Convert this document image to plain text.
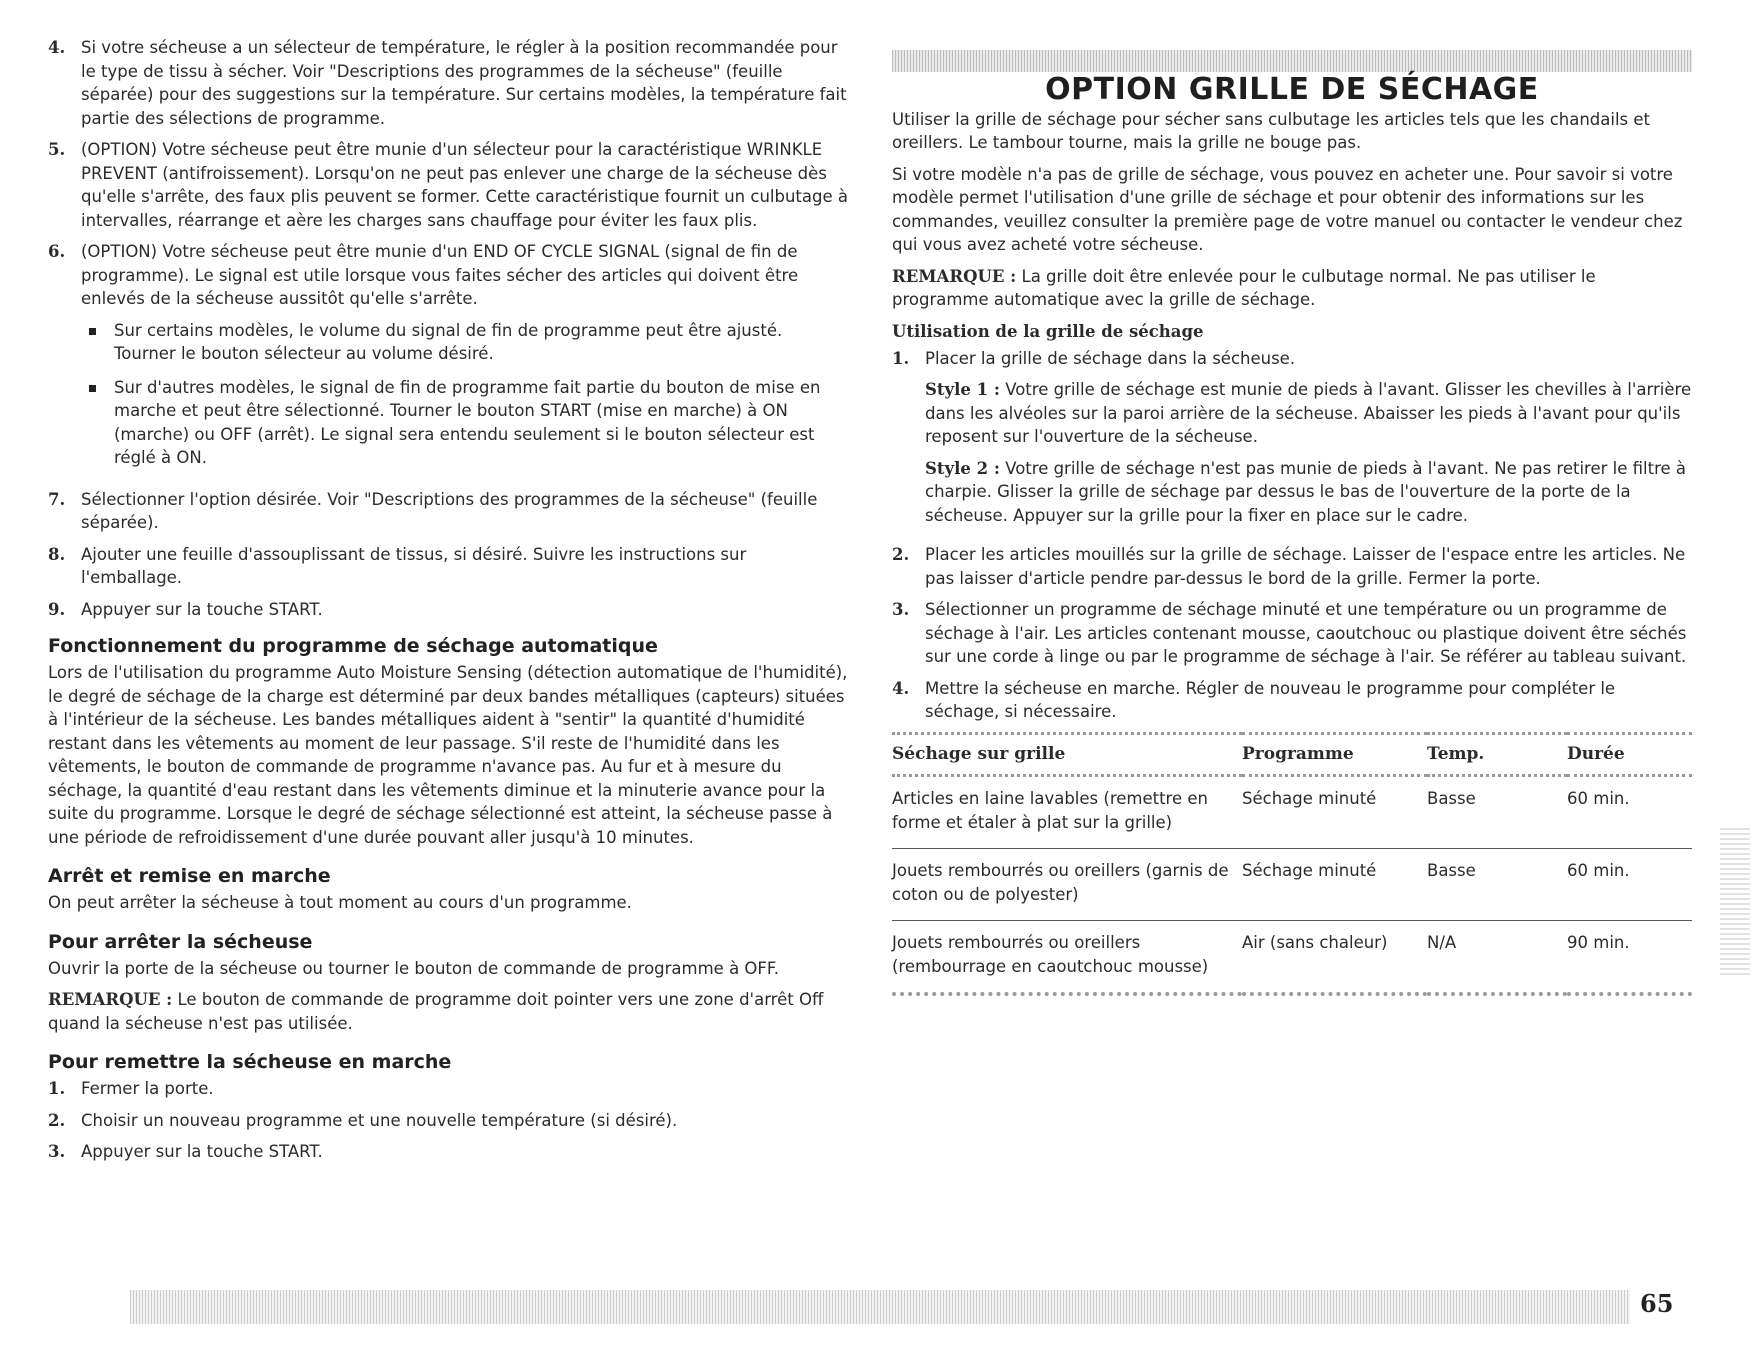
4. Si votre sécheuse a un sélecteur de température, le régler à la position recommandée pour le type de tissu à sécher. Voir "Descriptions des programmes de la sécheuse" (feuille séparée) pour des suggestions sur la température. Sur certains modèles, la température fait partie des sélections de programme.
5. (OPTION) Votre sécheuse peut être munie d'un sélecteur pour la caractéristique WRINKLE PREVENT (antifroissement). Lorsqu'on ne peut pas enlever une charge de la sécheuse dès qu'elle s'arrête, des faux plis peuvent se former. Cette caractéristique fournit un culbutage à intervalles, réarrange et aère les charges sans chauffage pour éviter les faux plis.
6. (OPTION) Votre sécheuse peut être munie d'un END OF CYCLE SIGNAL (signal de fin de programme). Le signal est utile lorsque vous faites sécher des articles qui doivent être enlevés de la sécheuse aussitôt qu'elle s'arrête.

Sur certains modèles, le volume du signal de fin de programme peut être ajusté. Tourner le bouton sélecteur au volume désiré.
Sur d'autres modèles, le signal de fin de programme fait partie du bouton de mise en marche et peut être sélectionné. Tourner le bouton START (mise en marche) à ON (marche) ou OFF (arrêt). Le signal sera entendu seulement si le bouton sélecteur est réglé à ON.
7. Sélectionner l'option désirée. Voir "Descriptions des programmes de la sécheuse" (feuille séparée).
8. Ajouter une feuille d'assouplissant de tissus, si désiré. Suivre les instructions sur l'emballage.
9. Appuyer sur la touche START.
Fonctionnement du programme de séchage automatique

Lors de l'utilisation du programme Auto Moisture Sensing (détection automatique de l'humidité), le degré de séchage de la charge est déterminé par deux bandes métalliques (capteurs) situées à l'intérieur de la sécheuse. Les bandes métalliques aident à "sentir" la quantité d'humidité restant dans les vêtements au moment de leur passage. S'il reste de l'humidité dans les vêtements, le bouton de commande de programme n'avance pas. Au fur et à mesure du séchage, la quantité d'eau restant dans les vêtements diminue et la minuterie avance pour la suite du programme. Lorsque le degré de séchage sélectionné est atteint, la sécheuse passe à une période de refroidissement d'une durée pouvant aller jusqu'à 10 minutes.

Arrêt et remise en marche

On peut arrêter la sécheuse à tout moment au cours d'un programme.

Pour arrêter la sécheuse

Ouvrir la porte de la sécheuse ou tourner le bouton de commande de programme à OFF.

REMARQUE : Le bouton de commande de programme doit pointer vers une zone d'arrêt Off quand la sécheuse n'est pas utilisée.

Pour remettre la sécheuse en marche
1. Fermer la porte.
2. Choisir un nouveau programme et une nouvelle température (si désiré).
3. Appuyer sur la touche START.
OPTION GRILLE DE SÉCHAGE

Utiliser la grille de séchage pour sécher sans culbutage les articles tels que les chandails et oreillers. Le tambour tourne, mais la grille ne bouge pas.

Si votre modèle n'a pas de grille de séchage, vous pouvez en acheter une. Pour savoir si votre modèle permet l'utilisation d'une grille de séchage et pour obtenir des informations sur les commandes, veuillez consulter la première page de votre manuel ou contacter le vendeur chez qui vous avez acheté votre sécheuse.

REMARQUE : La grille doit être enlevée pour le culbutage normal. Ne pas utiliser le programme automatique avec la grille de séchage.

Utilisation de la grille de séchage
1. Placer la grille de séchage dans la sécheuse.

Style 1 : Votre grille de séchage est munie de pieds à l'avant. Glisser les chevilles à l'arrière dans les alvéoles sur la paroi arrière de la sécheuse. Abaisser les pieds à l'avant pour qu'ils reposent sur l'ouverture de la sécheuse.

Style 2 : Votre grille de séchage n'est pas munie de pieds à l'avant. Ne pas retirer le filtre à charpie. Glisser la grille de séchage par dessus le bas de l'ouverture de la porte de la sécheuse. Appuyer sur la grille pour la fixer en place sur le cadre.

2. Placer les articles mouillés sur la grille de séchage. Laisser de l'espace entre les articles. Ne pas laisser d'article pendre par-dessus le bord de la grille. Fermer la porte.
3. Sélectionner un programme de séchage minuté et une température ou un programme de séchage à l'air. Les articles contenant mousse, caoutchouc ou plastique doivent être séchés sur une corde à linge ou par le programme de séchage à l'air. Se référer au tableau suivant.
4. Mettre la sécheuse en marche. Régler de nouveau le programme pour compléter le séchage, si nécessaire.
Séchage sur grille	Programme	Temp.	Durée
Articles en laine lavables (remettre en forme et étaler à plat sur la grille)	Séchage minuté	Basse	60 min.
Jouets rembourrés ou oreillers (garnis de coton ou de polyester)	Séchage minuté	Basse	60 min.
Jouets rembourrés ou oreillers (rembourrage en caoutchouc mousse)	Air (sans chaleur)	N/A	90 min.
65
